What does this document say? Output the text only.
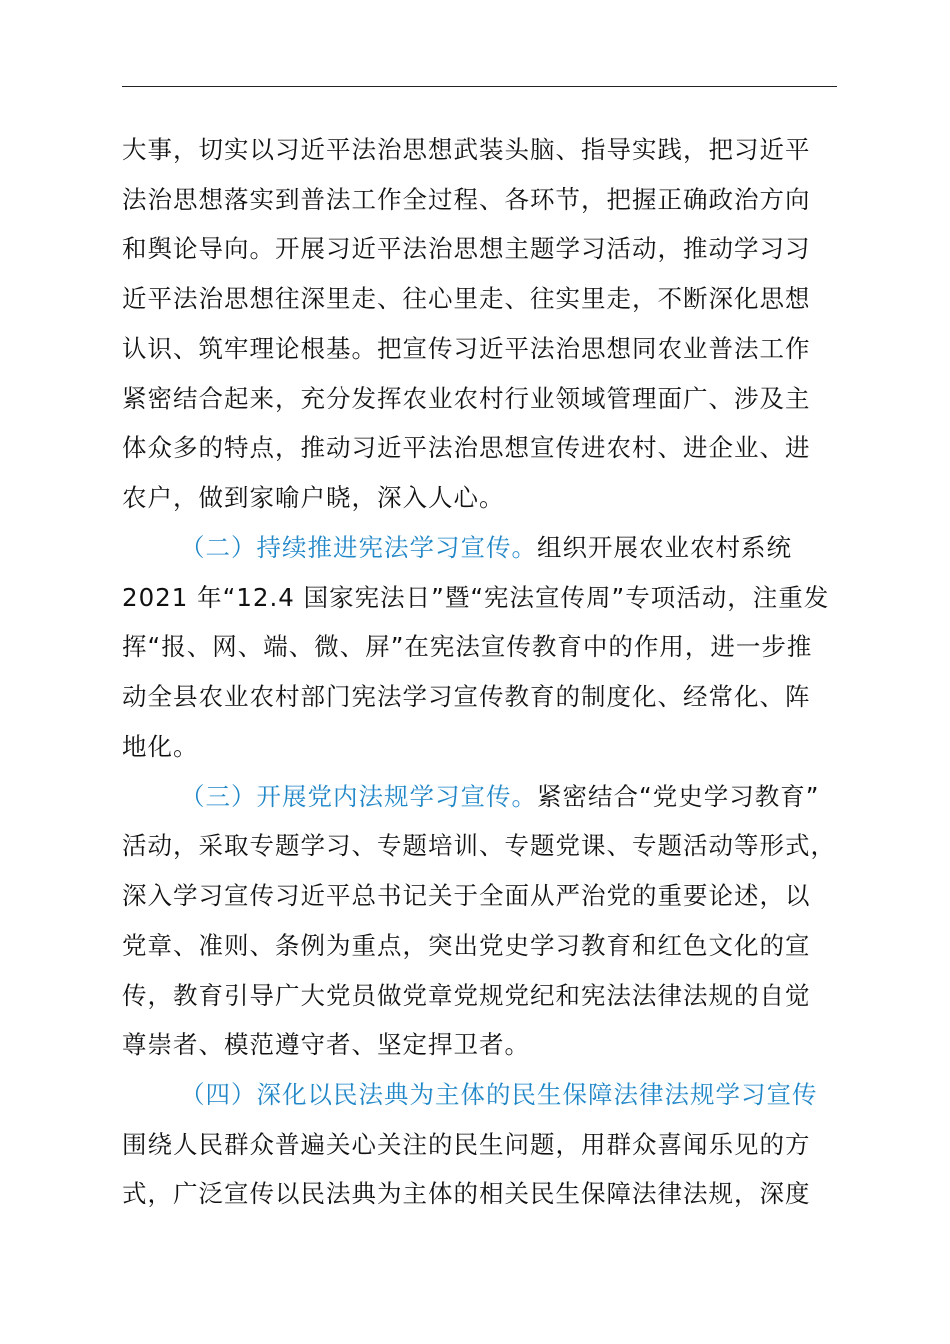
大事，切实以习近平法治思想武装头脑、指导实践，把习近平
法治思想落实到普法工作全过程、各环节，把握正确政治方向
和舆论导向。开展习近平法治思想主题学习活动，推动学习习
近平法治思想往深里走、往心里走、往实里走，不断深化思想
认识、筑牢理论根基。把宣传习近平法治思想同农业普法工作
紧密结合起来，充分发挥农业农村行业领域管理面广、涉及主
体众多的特点，推动习近平法治思想宣传进农村、进企业、进
农户，做到家喻户晓，深入人心。
（二）持续推进宪法学习宣传。组织开展农业农村系统
2021 年“12.4 国家宪法日”暨“宪法宣传周”专项活动，注重发
挥“报、网、端、微、屏”在宪法宣传教育中的作用，进一步推
动全县农业农村部门宪法学习宣传教育的制度化、经常化、阵
地化。
（三）开展党内法规学习宣传。紧密结合“党史学习教育”
活动，采取专题学习、专题培训、专题党课、专题活动等形式，
深入学习宣传习近平总书记关于全面从严治党的重要论述，以
党章、准则、条例为重点，突出党史学习教育和红色文化的宣
传，教育引导广大党员做党章党规党纪和宪法法律法规的自觉
尊崇者、模范遵守者、坚定捍卫者。
（四）深化以民法典为主体的民生保障法律法规学习宣传
围绕人民群众普遍关心关注的民生问题，用群众喜闻乐见的方
式，广泛宣传以民法典为主体的相关民生保障法律法规，深度
